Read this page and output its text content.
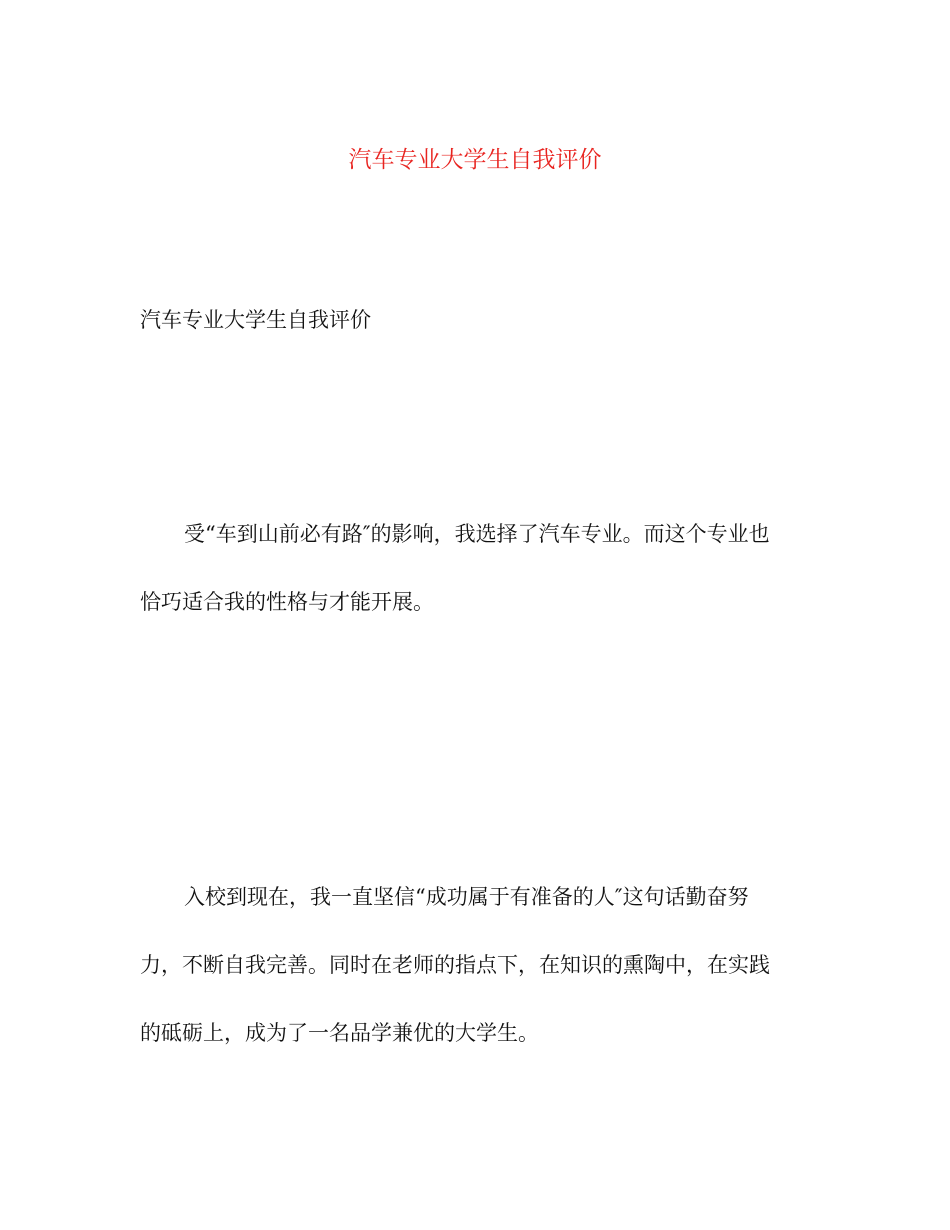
汽车专业大学生自我评价
汽车专业大学生自我评价
受“车到山前必有路″的影响，我选择了汽车专业。而这个专业也
恰巧适合我的性格与才能开展。
入校到现在，我一直坚信“成功属于有准备的人″这句话勤奋努
力，不断自我完善。同时在老师的指点下，在知识的熏陶中，在实践
的砥砺上，成为了一名品学兼优的大学生。
